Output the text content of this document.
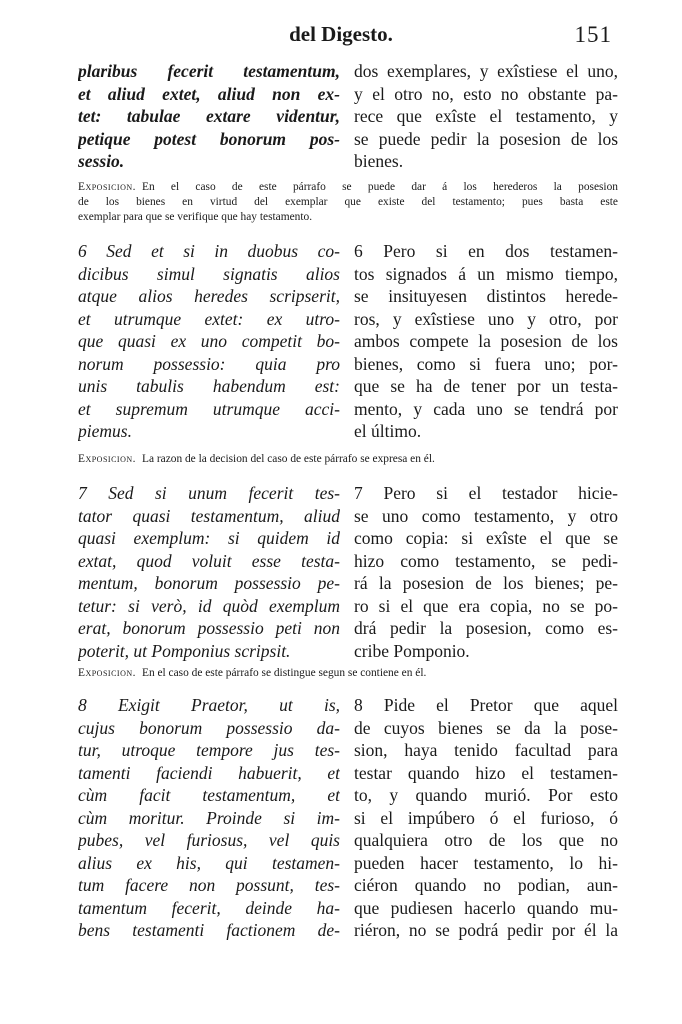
del Digesto.	151
plaribus fecerit testamentum,
et aliud extet, aliud non ex-
tet: tabulae extare videntur,
petique potest bonorum pos-
sessio.
dos exemplares, y exîstiese el uno,
y el otro no, esto no obstante pa-
rece que exîste el testamento, y
se puede pedir la posesion de los
bienes.
Exposicion. En el caso de este párrafo se puede dar á los herederos la posesion
de los bienes en virtud del exemplar que existe del testamento; pues basta este
exemplar para que se verifique que hay testamento.
6 Sed et si in duobus co-
dicibus simul signatis alios
atque alios heredes scripserit,
et utrumque extet: ex utro-
que quasi ex uno competit bo-
norum possessio: quia pro
unis tabulis habendum est:
et supremum utrumque acci-
piemus.
6 Pero si en dos testamen-
tos signados á un mismo tiempo,
se insituyesen distintos herede-
ros, y exîstiese uno y otro, por
ambos compete la posesion de los
bienes, como si fuera uno; por-
que se ha de tener por un testa-
mento, y cada uno se tendrá por
el último.
Exposicion. La razon de la decision del caso de este párrafo se expresa en él.
7 Sed si unum fecerit tes-
tator quasi testamentum, aliud
quasi exemplum: si quidem id
extat, quod voluit esse testa-
mentum, bonorum possessio pe-
tetur: si verò, id quòd exemplum
erat, bonorum possessio peti non
poterit, ut Pomponius scripsit.
7 Pero si el testador hicie-
se uno como testamento, y otro
como copia: si exîste el que se
hizo como testamento, se pedi-
rá la posesion de los bienes; pe-
ro si el que era copia, no se po-
drá pedir la posesion, como es-
cribe Pomponio.
Exposicion. En el caso de este párrafo se distingue segun se contiene en él.
8 Exigit Praetor, ut is,
cujus bonorum possessio da-
tur, utroque tempore jus tes-
tamenti faciendi habuerit, et
cùm facit testamentum, et
cùm moritur. Proinde si im-
pubes, vel furiosus, vel quis
alius ex his, qui testamen-
tum facere non possunt, tes-
tamentum fecerit, deinde ha-
bens testamenti factionem de-
8 Pide el Pretor que aquel
de cuyos bienes se da la pose-
sion, haya tenido facultad para
testar quando hizo el testamen-
to, y quando murió. Por esto
si el impúbero ó el furioso, ó
qualquiera otro de los que no
pueden hacer testamento, lo hi-
ciéron quando no podian, aun-
que pudiesen hacerlo quando mu-
riéron, no se podrá pedir por él la
